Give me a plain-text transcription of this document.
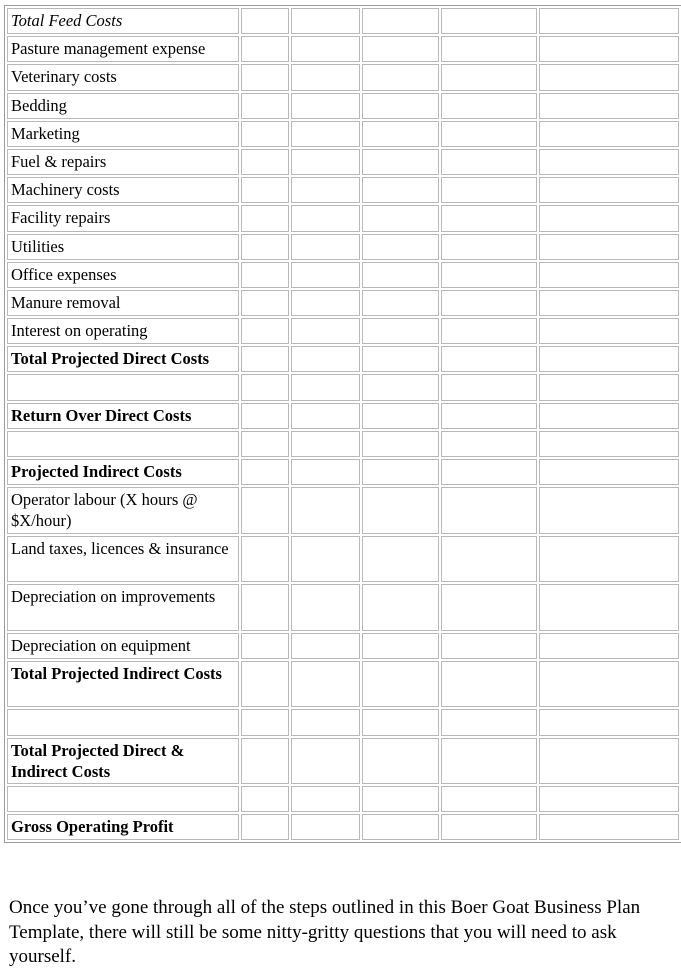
Total Feed Costs					
Pasture management expense					
Veterinary costs					
Bedding					
Marketing					
Fuel & repairs					
Machinery costs					
Facility repairs					
Utilities					
Office expenses					
Manure removal					
Interest on operating					
Total Projected Direct Costs					

Return Over Direct Costs					

Projected Indirect Costs					
Operator labour (X hours @ $X/hour)					
Land taxes, licences & insurance					
Depreciation on improvements					
Depreciation on equipment					
Total Projected Indirect Costs					

Total Projected Direct & Indirect Costs					

Gross Operating Profit					

Once you’ve gone through all of the steps outlined in this Boer Goat Business Plan Template, there will still be some nitty-gritty questions that you will need to ask yourself.
